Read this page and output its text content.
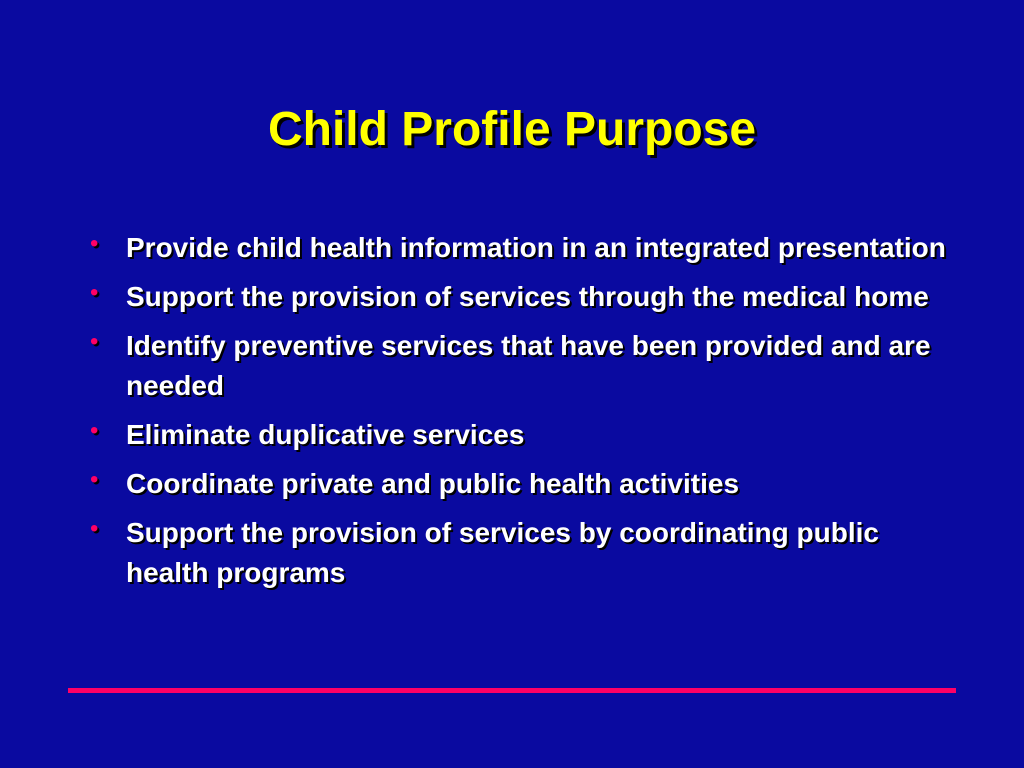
Child Profile Purpose
• Provide child health information in an integrated presentation
• Support the provision of services through the medical home
• Identify preventive services that have been provided and are needed
• Eliminate duplicative services
• Coordinate private and public health activities
• Support the provision of services by coordinating public health programs
